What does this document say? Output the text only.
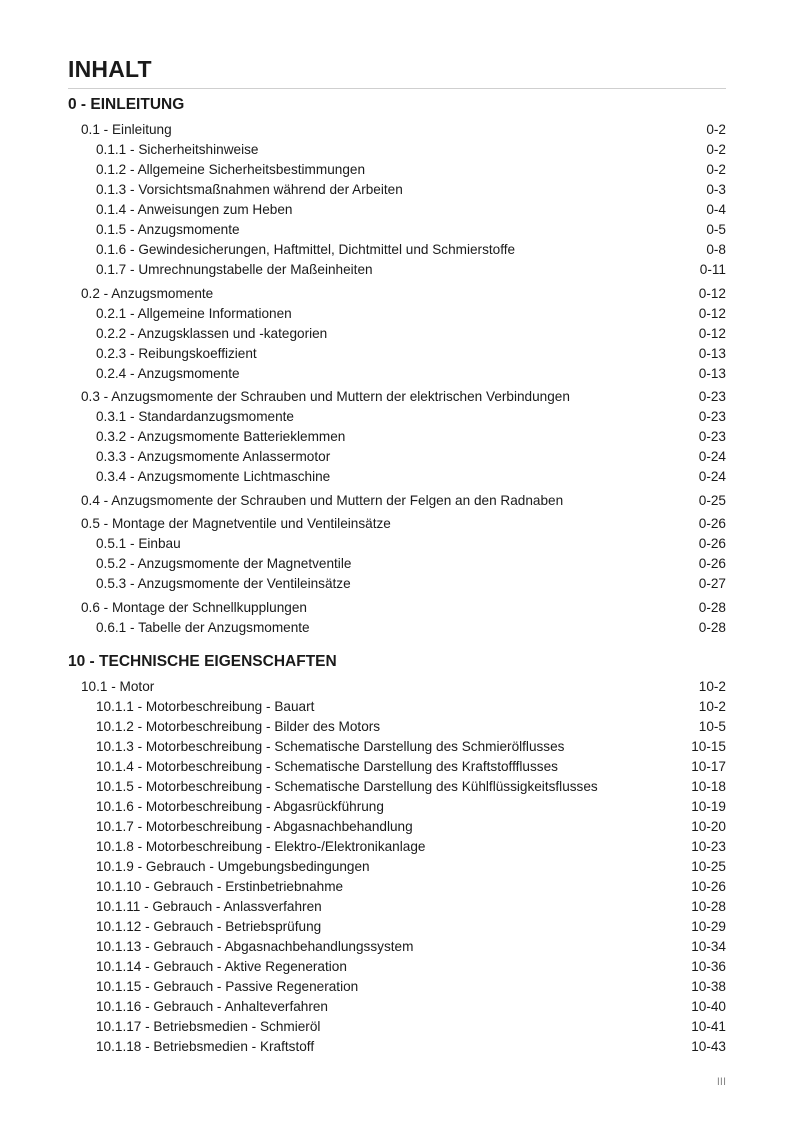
INHALT
0 - EINLEITUNG
0.1 - Einleitung	0-2
0.1.1 - Sicherheitshinweise	0-2
0.1.2 - Allgemeine Sicherheitsbestimmungen	0-2
0.1.3 - Vorsichtsmaßnahmen während der Arbeiten	0-3
0.1.4 - Anweisungen zum Heben	0-4
0.1.5 - Anzugsmomente	0-5
0.1.6 - Gewindesicherungen, Haftmittel, Dichtmittel und Schmierstoffe	0-8
0.1.7 - Umrechnungstabelle der Maßeinheiten	0-11
0.2 - Anzugsmomente	0-12
0.2.1 - Allgemeine Informationen	0-12
0.2.2 - Anzugsklassen und -kategorien	0-12
0.2.3 - Reibungskoeffizient	0-13
0.2.4 - Anzugsmomente	0-13
0.3 - Anzugsmomente der Schrauben und Muttern der elektrischen Verbindungen	0-23
0.3.1 - Standardanzugsmomente	0-23
0.3.2 - Anzugsmomente Batterieklemmen	0-23
0.3.3 - Anzugsmomente Anlassermotor	0-24
0.3.4 - Anzugsmomente Lichtmaschine	0-24
0.4 - Anzugsmomente der Schrauben und Muttern der Felgen an den Radnaben	0-25
0.5 - Montage der Magnetventile und Ventileinsätze	0-26
0.5.1 - Einbau	0-26
0.5.2 - Anzugsmomente der Magnetventile	0-26
0.5.3 - Anzugsmomente der Ventileinsätze	0-27
0.6 - Montage der Schnellkupplungen	0-28
0.6.1 - Tabelle der Anzugsmomente	0-28
10 - TECHNISCHE EIGENSCHAFTEN
10.1 - Motor	10-2
10.1.1 - Motorbeschreibung - Bauart	10-2
10.1.2 - Motorbeschreibung - Bilder des Motors	10-5
10.1.3 - Motorbeschreibung - Schematische Darstellung des Schmierölflusses	10-15
10.1.4 - Motorbeschreibung - Schematische Darstellung des Kraftstoffflusses	10-17
10.1.5 - Motorbeschreibung - Schematische Darstellung des Kühlflüssigkeitsflusses	10-18
10.1.6 - Motorbeschreibung - Abgasrückführung	10-19
10.1.7 - Motorbeschreibung - Abgasnachbehandlung	10-20
10.1.8 - Motorbeschreibung - Elektro-/Elektronikanlage	10-23
10.1.9 - Gebrauch - Umgebungsbedingungen	10-25
10.1.10 - Gebrauch - Erstinbetriebnahme	10-26
10.1.11 - Gebrauch - Anlassverfahren	10-28
10.1.12 - Gebrauch - Betriebsprüfung	10-29
10.1.13 - Gebrauch - Abgasnachbehandlungssystem	10-34
10.1.14 - Gebrauch - Aktive Regeneration	10-36
10.1.15 - Gebrauch - Passive Regeneration	10-38
10.1.16 - Gebrauch - Anhalteverfahren	10-40
10.1.17 - Betriebsmedien - Schmieröl	10-41
10.1.18 - Betriebsmedien - Kraftstoff	10-43
III
